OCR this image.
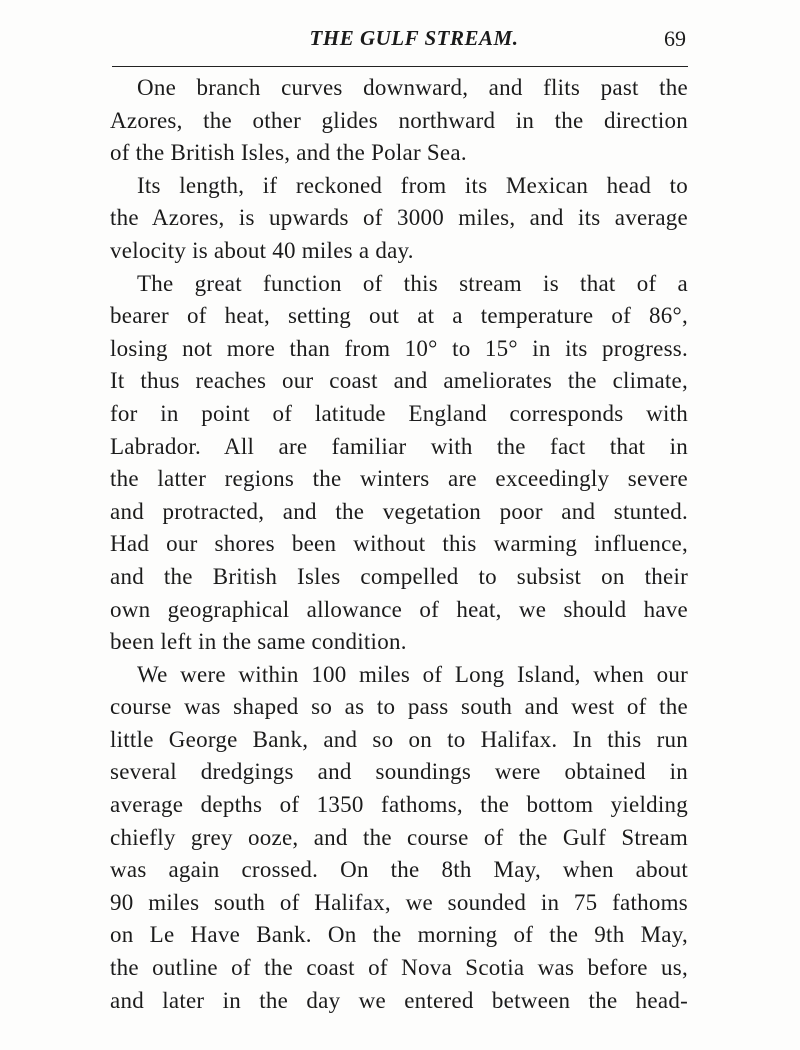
THE GULF STREAM.	69
One branch curves downward, and flits past the
Azores, the other glides northward in the direction
of the British Isles, and the Polar Sea.
Its length, if reckoned from its Mexican head to
the Azores, is upwards of 3000 miles, and its average
velocity is about 40 miles a day.
The great function of this stream is that of a
bearer of heat, setting out at a temperature of 86°,
losing not more than from 10° to 15° in its progress.
It thus reaches our coast and ameliorates the climate,
for in point of latitude England corresponds with
Labrador. All are familiar with the fact that in
the latter regions the winters are exceedingly severe
and protracted, and the vegetation poor and stunted.
Had our shores been without this warming influence,
and the British Isles compelled to subsist on their
own geographical allowance of heat, we should have
been left in the same condition.
We were within 100 miles of Long Island, when our
course was shaped so as to pass south and west of the
little George Bank, and so on to Halifax. In this run
several dredgings and soundings were obtained in
average depths of 1350 fathoms, the bottom yielding
chiefly grey ooze, and the course of the Gulf Stream
was again crossed. On the 8th May, when about
90 miles south of Halifax, we sounded in 75 fathoms
on Le Have Bank. On the morning of the 9th May,
the outline of the coast of Nova Scotia was before us,
and later in the day we entered between the head-
